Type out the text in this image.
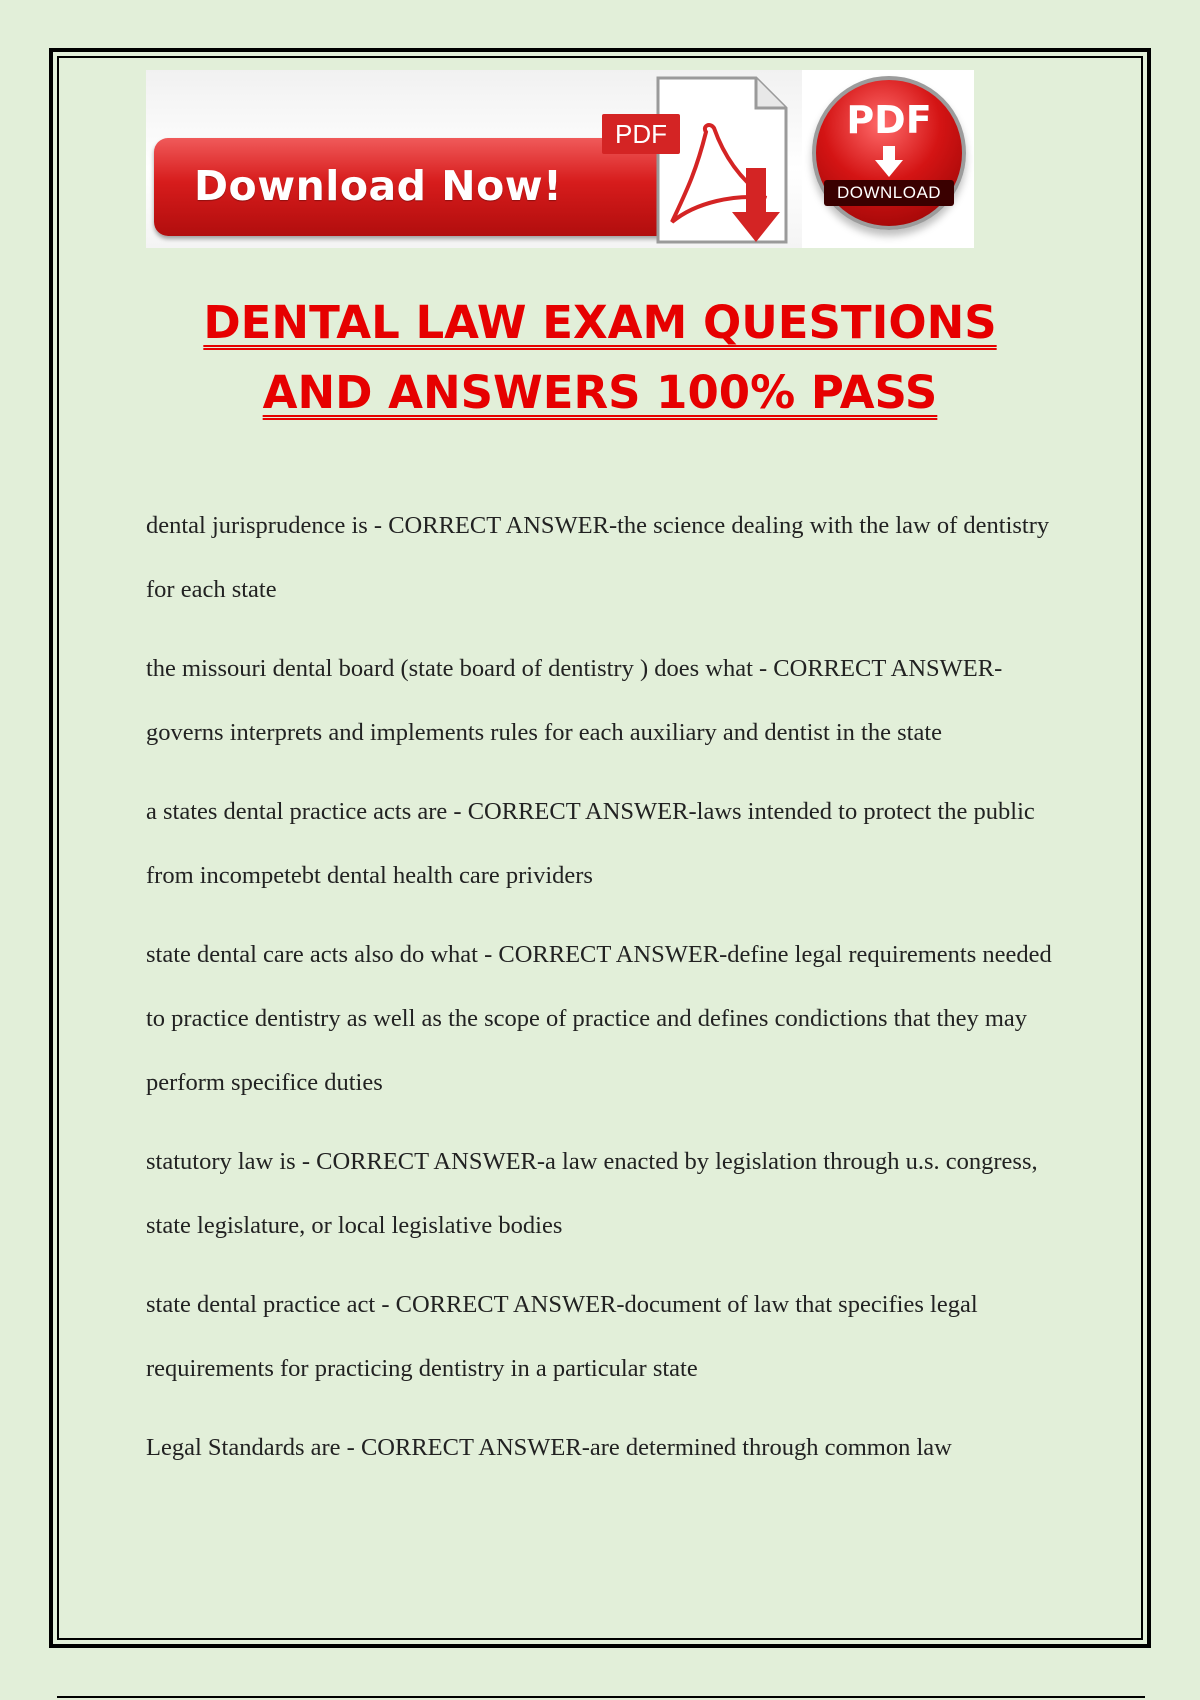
Download Now!
PDF	PDF
DOWNLOAD
DENTAL LAW EXAM QUESTIONS
AND ANSWERS 100% PASS

dental jurisprudence is - CORRECT ANSWER-the science dealing with the law of dentistry for each state

the missouri dental board (state board of dentistry ) does what - CORRECT ANSWER-governs interprets and implements rules for each auxiliary and dentist in the state

a states dental practice acts are - CORRECT ANSWER-laws intended to protect the public from incompetebt dental health care prividers

state dental care acts also do what - CORRECT ANSWER-define legal requirements needed to practice dentistry as well as the scope of practice and defines condictions that they may perform specifice duties

statutory law is - CORRECT ANSWER-a law enacted by legislation through u.s. congress, state legislature, or local legislative bodies

state dental practice act - CORRECT ANSWER-document of law that specifies legal requirements for practicing dentistry in a particular state

Legal Standards are - CORRECT ANSWER-are determined through common law
